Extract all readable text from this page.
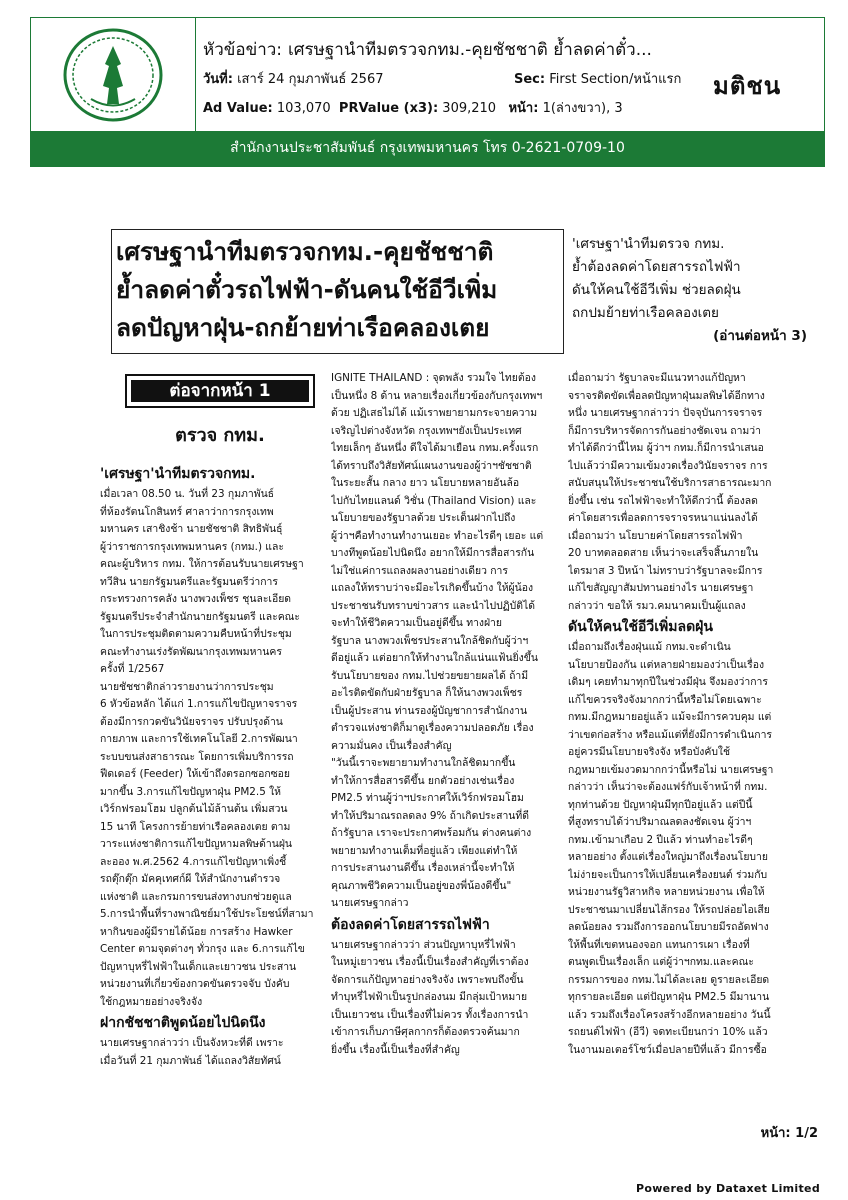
หัวข้อข่าว: เศรษฐานำทีมตรวจกทม.-คุยชัชชาติ ย้ำลดค่าตั๋ว...
วันที่: เสาร์ 24 กุมภาพันธ์ 2567	Sec: First Section/หน้าแรก มติชน
Ad Value: 103,070 PRValue (x3): 309,210 หน้า: 1(ล่างขวา), 3
สำนักงานประชาสัมพันธ์ กรุงเทพมหานคร โทร 0-2621-0709-10
เศรษฐานำทีมตรวจกทม.-คุยชัชชาติ
ย้ำลดค่าตั๋วรถไฟฟ้า-ดันคนใช้อีวีเพิ่ม
ลดปัญหาฝุ่น-ถกย้ายท่าเรือคลองเตย
'เศรษฐา'นำทีมตรวจ กทม.
ย้ำต้องลดค่าโดยสารรถไฟฟ้า
ดันให้คนใช้อีวีเพิ่ม ช่วยลดฝุ่น
ถกปมย้ายท่าเรือคลองเตย
(อ่านต่อหน้า 3)
ต่อจากหน้า 1
ตรวจ กทม.
'เศรษฐา'นำทีมตรวจกทม.
เมื่อเวลา 08.50 น. วันที่ 23 กุมภาพันธ์
ที่ห้องรัตนโกสินทร์ ศาลาว่าการกรุงเทพ
มหานคร เสาชิงช้า นายชัชชาติ สิทธิพันธุ์
ผู้ว่าราชการกรุงเทพมหานคร (กทม.) และ
คณะผู้บริหาร กทม. ให้การต้อนรับนายเศรษฐา
ทวีสิน นายกรัฐมนตรีและรัฐมนตรีว่าการ
กระทรวงการคลัง นางพวงเพ็ชร ชุนละเอียด
รัฐมนตรีประจำสำนักนายกรัฐมนตรี และคณะ
ในการประชุมติดตามความคืบหน้าที่ประชุม
คณะทำงานเร่งรัดพัฒนากรุงเทพมหานคร
ครั้งที่ 1/2567
นายชัชชาติกล่าวรายงานว่าการประชุม
6 หัวข้อหลัก ได้แก่ 1.การแก้ไขปัญหาจราจร
ต้องมีการกวดขันวินัยจราจร ปรับปรุงด้าน
กายภาพ และการใช้เทคโนโลยี 2.การพัฒนา
ระบบขนส่งสาธารณะ โดยการเพิ่มบริการรถ
ฟีดเดอร์ (Feeder) ให้เข้าถึงตรอกซอกซอย
มากขึ้น 3.การแก้ไขปัญหาฝุ่น PM2.5 ให้
เวิร์กฟรอมโฮม ปลูกต้นไม้ล้านต้น เพิ่มสวน
15 นาที โครงการย้ายท่าเรือคลองเตย ตาม
วาระแห่งชาติการแก้ไขปัญหามลพิษด้านฝุ่น
ละออง พ.ศ.2562 4.การแก้ไขปัญหาเพิ่งชี้
รถตุ๊กตุ๊ก มัคคุเทศก์ผี ให้สำนักงานตำรวจ
แห่งชาติ และกรมการขนส่งทางบกช่วยดูแล
5.การนำพื้นที่รางพาณิชย์มาใช้ประโยชน์ที่สามา
หากินของผู้มีรายได้น้อย การสร้าง Hawker
Center ตามจุดต่างๆ ทั่วกรุง และ 6.การแก้ไข
ปัญหาบุหรี่ไฟฟ้าในเด็กและเยาวชน ประสาน
หน่วยงานที่เกี่ยวข้องกวดขันตรวจจับ บังคับ
ใช้กฎหมายอย่างจริงจัง
ฝากชัชชาติพูดน้อยไปนิดนึง
นายเศรษฐากล่าวว่า เป็นจังหวะที่ดี เพราะ
เมื่อวันที่ 21 กุมภาพันธ์ ได้แถลงวิสัยทัศน์
IGNITE THAILAND : จุดพลัง รวมใจ ไทยต้อง
เป็นหนึ่ง 8 ด้าน หลายเรื่องเกี่ยวข้องกับกรุงเทพฯ
ด้วย ปฏิเสธไม่ได้ แม้เราพยายามกระจายความ
เจริญไปต่างจังหวัด กรุงเทพฯยังเป็นประเทศ
ไทยเล็กๆ อันหนึ่ง ดีใจได้มาเยือน กทม.ครั้งแรก
ได้ทราบถึงวิสัยทัศน์แผนงานของผู้ว่าฯชัชชาติ
ในระยะสั้น กลาง ยาว นโยบายหลายอันล้อ
ไปกับไทยแลนด์ วิชั่น (Thailand Vision) และ
นโยบายของรัฐบาลด้วย ประเด็นฝากไปถึง
ผู้ว่าฯคือทำงานทำงานเยอะ ทำอะไรดีๆ เยอะ แต่
บางทีพูดน้อยไปนิดนึง อยากให้มีการสื่อสารกัน
ไม่ใช่แค่การแถลงผลงานอย่างเดียว การ
แถลงให้ทราบว่าจะมีอะไรเกิดขึ้นบ้าง ให้ผู้น้อง
ประชาชนรับทราบข่าวสาร และนำไปปฏิบัติได้
จะทำให้ชีวิตความเป็นอยู่ดีขึ้น ทางฝ่าย
รัฐบาล นางพวงเพ็ชรประสานใกล้ชิดกับผู้ว่าฯ
ดีอยู่แล้ว แต่อยากให้ทำงานใกล้แน่นแฟ้นยิ่งขึ้น
รับนโยบายของ กทม.ไปช่วยขยายผลได้ ถ้ามี
อะไรติดขัดกับฝ่ายรัฐบาล ก็ให้นางพวงเพ็ชร
เป็นผู้ประสาน ท่านรองผู้บัญชาการสำนักงาน
ตำรวจแห่งชาติก็มาดูเรื่องความปลอดภัย เรื่อง
ความมั่นคง เป็นเรื่องสำคัญ
"วันนี้เราจะพยายามทำงานใกล้ชิดมากขึ้น
ทำให้การสื่อสารดีขึ้น ยกตัวอย่างเช่นเรื่อง
PM2.5 ท่านผู้ว่าฯประกาศให้เวิร์กฟรอมโฮม
ทำให้ปริมาณรถลดลง 9% ถ้าเกิดประสานที่ดี
ถ้ารัฐบาล เราจะประกาศพร้อมกัน ต่างคนต่าง
พยายามทำงานเต็มที่อยู่แล้ว เพียงแต่ทำให้
การประสานงานดีขึ้น เรื่องเหล่านี้จะทำให้
คุณภาพชีวิตความเป็นอยู่ของพี่น้องดีขึ้น"
นายเศรษฐากล่าว
ต้องลดค่าโดยสารรถไฟฟ้า
นายเศรษฐากล่าวว่า ส่วนปัญหาบุหรี่ไฟฟ้า
ในหมู่เยาวชน เรื่องนี้เป็นเรื่องสำคัญที่เราต้อง
จัดการแก้ปัญหาอย่างจริงจัง เพราะพบถึงขั้น
ทำบุหรี่ไฟฟ้าเป็นรูปกล่องนม มีกลุ่มเป้าหมาย
เป็นเยาวชน เป็นเรื่องที่ไม่ควร ทั้งเรื่องการนำ
เข้าการเก็บภาษีศุลกากรก็ต้องตรวจค้นมาก
ยิ่งขึ้น เรื่องนี้เป็นเรื่องที่สำคัญ
เมื่อถามว่า รัฐบาลจะมีแนวทางแก้ปัญหา
จราจรติดขัดเพื่อลดปัญหาฝุ่นมลพิษได้อีกทาง
หนึ่ง นายเศรษฐากล่าวว่า ปัจจุบันการจราจร
ก็มีการบริหารจัดการกันอย่างชัดเจน ถามว่า
ทำได้ดีกว่านี้ไหม ผู้ว่าฯ กทม.ก็มีการนำเสนอ
ไปแล้วว่ามีความเข้มงวดเรื่องวินัยจราจร การ
สนับสนุนให้ประชาชนใช้บริการสาธารณะมาก
ยิ่งขึ้น เช่น รถไฟฟ้าจะทำให้ดีกว่านี้ ต้องลด
ค่าโดยสารเพื่อลดการจราจรหนาแน่นลงได้
เมื่อถามว่า นโยบายค่าโดยสารรถไฟฟ้า
20 บาทตลอดสาย เห็นว่าจะเสร็จสิ้นภายใน
ไตรมาส 3 ปีหน้า ไม่ทราบว่ารัฐบาลจะมีการ
แก้ไขสัญญาสัมปทานอย่างไร นายเศรษฐา
กล่าวว่า ขอให้ รมว.คมนาคมเป็นผู้แถลง
ดันให้คนใช้อีวีเพิ่มลดฝุ่น
เมื่อถามถึงเรื่องฝุ่นแม้ กทม.จะดำเนิน
นโยบายป้องกัน แต่หลายฝ่ายมองว่าเป็นเรื่อง
เดิมๆ เคยทำมาทุกปีในช่วงมีฝุ่น จึงมองว่าการ
แก้ไขควรจริงจังมากกว่านี้หรือไม่โดยเฉพาะ
กทม.มีกฎหมายอยู่แล้ว แม้จะมีการควบคุม แต่
ว่าเขตก่อสร้าง หรือแม้แต่ที่ยังมีการดำเนินการ
อยู่ควรมีนโยบายจริงจัง หรือบังคับใช้
กฎหมายเข้มงวดมากกว่านี้หรือไม่ นายเศรษฐา
กล่าวว่า เห็นว่าจะต้องแฟร์กับเจ้าหน้าที่ กทม.
ทุกท่านด้วย ปัญหาฝุ่นมีทุกปีอยู่แล้ว แต่ปีนี้
ที่สูงทราบได้ว่าปริมาณลดลงชัดเจน ผู้ว่าฯ
กทม.เข้ามาเกือบ 2 ปีแล้ว ท่านทำอะไรดีๆ
หลายอย่าง ตั้งแต่เรื่องใหญ่มาถึงเรื่องนโยบาย
ไม่ง่ายจะเป็นการให้เปลี่ยนเครื่องยนต์ ร่วมกับ
หน่วยงานรัฐวิสาหกิจ หลายหน่วยงาน เพื่อให้
ประชาชนมาเปลี่ยนไส้กรอง ให้รถปล่อยไอเสีย
ลดน้อยลง รวมถึงการออกนโยบายมีรถอัดฟาง
ให้พื้นที่เขตหนองจอก แทนการเผา เรื่องที่
ตนพูดเป็นเรื่องเล็ก แต่ผู้ว่าฯกทม.และคณะ
กรรมการของ กทม.ไม่ได้ละเลย ดูรายละเอียด
ทุกรายละเอียด แต่ปัญหาฝุ่น PM2.5 มีมานาน
แล้ว รวมถึงเรื่องโครงสร้างอีกหลายอย่าง วันนี้
รถยนต์ไฟฟ้า (อีวี) จดทะเบียนกว่า 10% แล้ว
ในงานมอเตอร์โชว์เมื่อปลายปีที่แล้ว มีการซื้อ
หน้า: 1/2
Powered by Dataxet Limited
